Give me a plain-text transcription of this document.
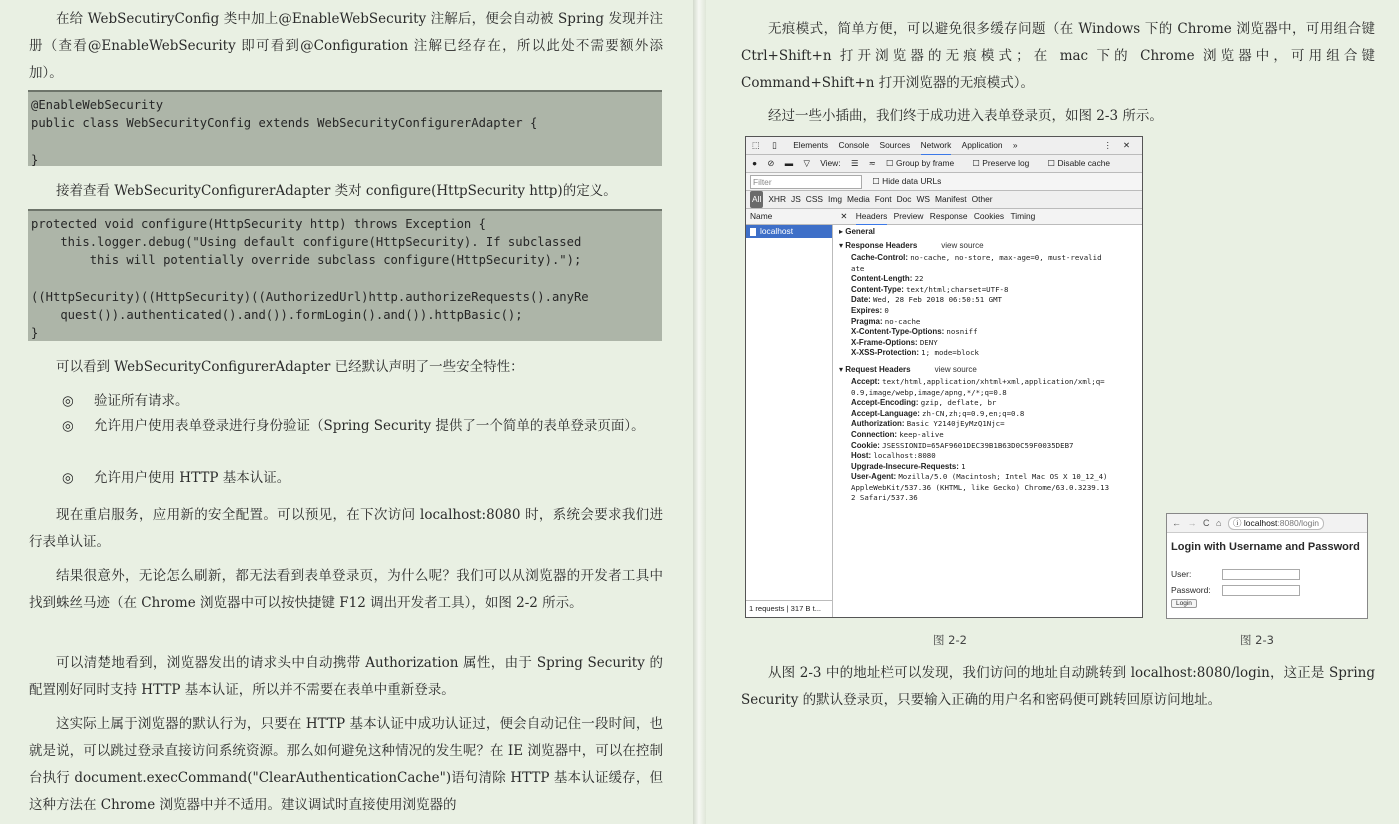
在给 WebSecutiryConfig 类中加上@EnableWebSecurity 注解后，便会自动被 Spring 发现并注册（查看@EnableWebSecurity 即可看到@Configuration 注解已经存在，所以此处不需要额外添加）。

@EnableWebSecurity
public class WebSecurityConfig extends WebSecurityConfigurerAdapter {

}

接着查看 WebSecurityConfigurerAdapter 类对 configure(HttpSecurity http)的定义。

protected void configure(HttpSecurity http) throws Exception {
this.logger.debug("Using default configure(HttpSecurity). If subclassed
this will potentially override subclass configure(HttpSecurity).");

((HttpSecurity)((HttpSecurity)((AuthorizedUrl)http.authorizeRequests().anyRe
quest()).authenticated().and()).formLogin().and()).httpBasic();
}

可以看到 WebSecurityConfigurerAdapter 已经默认声明了一些安全特性：

◎	验证所有请求。
◎	允许用户使用表单登录进行身份验证（Spring Security 提供了一个简单的表单登录页面）。
◎	允许用户使用 HTTP 基本认证。

现在重启服务，应用新的安全配置。可以预见，在下次访问 localhost:8080 时，系统会要求我们进行表单认证。

结果很意外，无论怎么刷新，都无法看到表单登录页，为什么呢？我们可以从浏览器的开发者工具中找到蛛丝马迹（在 Chrome 浏览器中可以按快捷键 F12 调出开发者工具），如图 2-2 所示。

可以清楚地看到，浏览器发出的请求头中自动携带 Authorization 属性，由于 Spring Security 的配置刚好同时支持 HTTP 基本认证，所以并不需要在表单中重新登录。

这实际上属于浏览器的默认行为，只要在 HTTP 基本认证中成功认证过，便会自动记住一段时间，也就是说，可以跳过登录直接访问系统资源。那么如何避免这种情况的发生呢？在 IE 浏览器中，可以在控制台执行 document.execCommand("ClearAuthenticationCache")语句清除 HTTP 基本认证缓存，但这种方法在 Chrome 浏览器中并不适用。建议调试时直接使用浏览器的

无痕模式，简单方便，可以避免很多缓存问题（在 Windows 下的 Chrome 浏览器中，可用组合键 Ctrl+Shift+n 打开浏览器的无痕模式；在 mac 下的 Chrome 浏览器中，可用组合键 Command+Shift+n 打开浏览器的无痕模式）。

经过一些小插曲，我们终于成功进入表单登录页，如图 2-3 所示。

从图 2-3 中的地址栏可以发现，我们访问的地址自动跳转到 localhost:8080/login，这正是 Spring Security 的默认登录页，只要输入正确的用户名和密码便可跳转回原访问地址。

⬚ ▯ Elements Console Sources Network Application »	⋮ ✕
● ⊘ ▬ ▽ View: ☰ ≂ ☐ Group by frame ☐ Preserve log ☐ Disable cache
Filter	☐ Hide data URLs
All XHR JS CSS Img Media Font Doc WS Manifest Other
Name	✕ Headers Preview Response Cookies Timing
localhost
1 requests | 317 B t...
▸ General
▾ Response Headers	view source
Cache-Control: no-cache, no-store, max-age=0, must-revalid
ate
Content-Length: 22
Content-Type: text/html;charset=UTF-8
Date: Wed, 28 Feb 2018 06:50:51 GMT
Expires: 0
Pragma: no-cache
X-Content-Type-Options: nosniff
X-Frame-Options: DENY
X-XSS-Protection: 1; mode=block
▾ Request Headers	view source
Accept: text/html,application/xhtml+xml,application/xml;q=
0.9,image/webp,image/apng,*/*;q=0.8
Accept-Encoding: gzip, deflate, br
Accept-Language: zh-CN,zh;q=0.9,en;q=0.8
Authorization: Basic Y2140jEyMzQ1Njc=
Connection: keep-alive
Cookie: JSESSIONID=65AF9601DEC39B1B63D0C59F0035DEB7
Host: localhost:8080
Upgrade-Insecure-Requests: 1
User-Agent: Mozilla/5.0 (Macintosh; Intel Mac OS X 10_12_4)
AppleWebKit/537.36 (KHTML, like Gecko) Chrome/63.0.3239.13
2 Safari/537.36
图 2-2
← → C ⌂ ⓘ localhost:8080/login
Login with Username and Password
User:
Password:
Login
图 2-3
